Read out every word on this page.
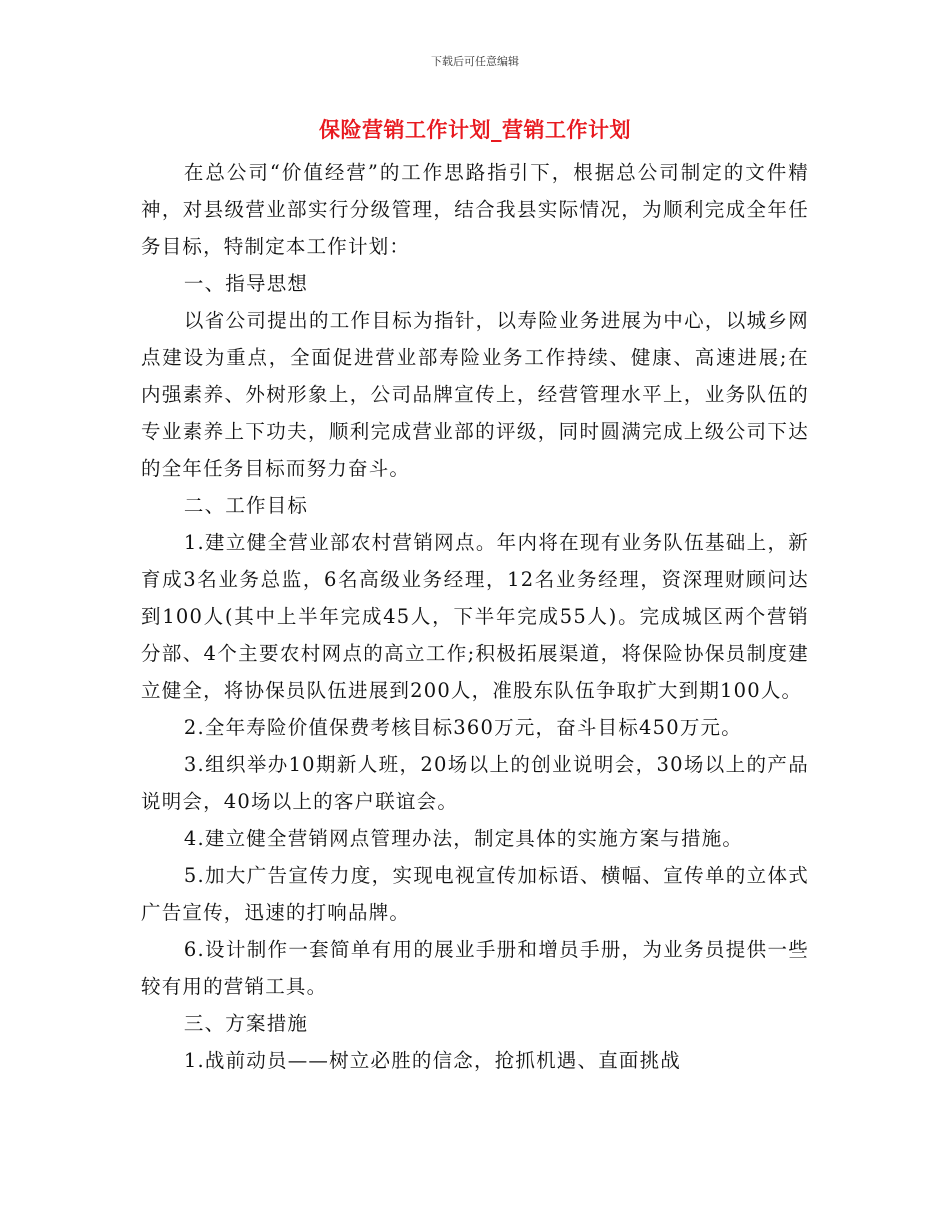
下载后可任意编辑
保险营销工作计划_营销工作计划

在总公司“价值经营”的工作思路指引下，根据总公司制定的文件精神，对县级营业部实行分级管理，结合我县实际情况，为顺利完成全年任务目标，特制定本工作计划：

一、指导思想

以省公司提出的工作目标为指针，以寿险业务进展为中心，以城乡网点建设为重点，全面促进营业部寿险业务工作持续、健康、高速进展;在内强素养、外树形象上，公司品牌宣传上，经营管理水平上，业务队伍的专业素养上下功夫，顺利完成营业部的评级，同时圆满完成上级公司下达的全年任务目标而努力奋斗。

二、工作目标

1.建立健全营业部农村营销网点。年内将在现有业务队伍基础上，新育成3名业务总监，6名高级业务经理，12名业务经理，资深理财顾问达到100人(其中上半年完成45人，下半年完成55人)。完成城区两个营销分部、4个主要农村网点的高立工作;积极拓展渠道，将保险协保员制度建立健全，将协保员队伍进展到200人，准股东队伍争取扩大到期100人。

2.全年寿险价值保费考核目标360万元，奋斗目标450万元。

3.组织举办10期新人班，20场以上的创业说明会，30场以上的产品说明会，40场以上的客户联谊会。

4.建立健全营销网点管理办法，制定具体的实施方案与措施。

5.加大广告宣传力度，实现电视宣传加标语、横幅、宣传单的立体式广告宣传，迅速的打响品牌。

6.设计制作一套简单有用的展业手册和增员手册，为业务员提供一些较有用的营销工具。

三、方案措施

1.战前动员——树立必胜的信念，抢抓机遇、直面挑战
